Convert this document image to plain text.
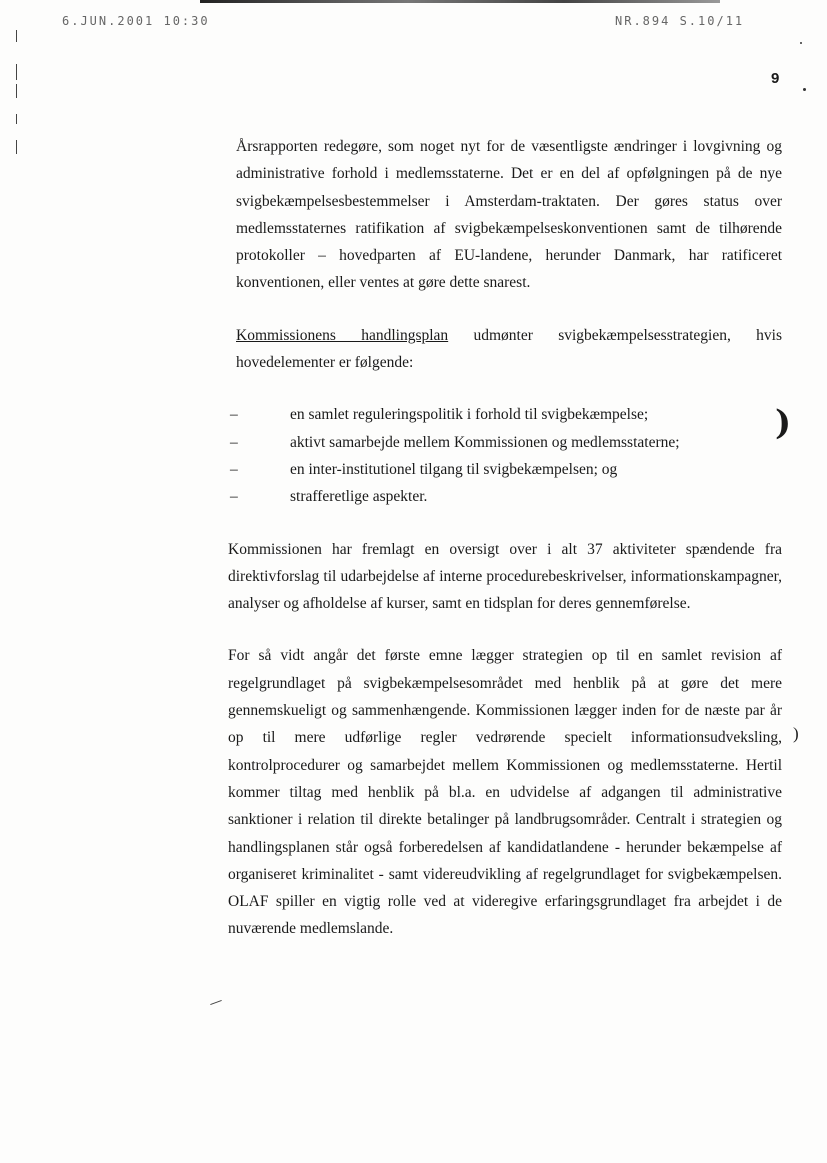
6.JUN.2001 10:30	NR.894 S.10/11
9

Årsrapporten redegøre, som noget nyt for de væsentligste ændringer i lovgivning og administrative forhold i medlemsstaterne. Det er en del af opfølgningen på de nye svigbekæmpelsesbestemmelser i Amsterdam-traktaten. Der gøres status over medlemsstaternes ratifikation af svigbekæmpelseskonventionen samt de tilhørende protokoller – hovedparten af EU-landene, herunder Danmark, har ratificeret konventionen, eller ventes at gøre dette snarest.

Kommissionens handlingsplan udmønter svigbekæmpelsesstrategien, hvis hovedelementer er følgende:

–	en samlet reguleringspolitik i forhold til svigbekæmpelse;
–	aktivt samarbejde mellem Kommissionen og medlemsstaterne;
–	en inter-institutionel tilgang til svigbekæmpelsen; og
–	strafferetlige aspekter.

Kommissionen har fremlagt en oversigt over i alt 37 aktiviteter spændende fra direktivforslag til udarbejdelse af interne procedurebeskrivelser, informationskampagner, analyser og afholdelse af kurser, samt en tidsplan for deres gennemførelse.

For så vidt angår det første emne lægger strategien op til en samlet revision af regelgrundlaget på svigbekæmpelsesområdet med henblik på at gøre det mere gennemskueligt og sammenhængende. Kommissionen lægger inden for de næste par år op til mere udførlige regler vedrørende specielt informationsudveksling, kontrolprocedurer og samarbejdet mellem Kommissionen og medlemsstaterne. Hertil kommer tiltag med henblik på bl.a. en udvidelse af adgangen til administrative sanktioner i relation til direkte betalinger på landbrugsområder. Centralt i strategien og handlingsplanen står også forberedelsen af kandidatlandene - herunder bekæmpelse af organiseret kriminalitet - samt videreudvikling af regelgrundlaget for svigbekæmpelsen. OLAF spiller en vigtig rolle ved at videregive erfaringsgrundlaget fra arbejdet i de nuværende medlemslande.

)
)
